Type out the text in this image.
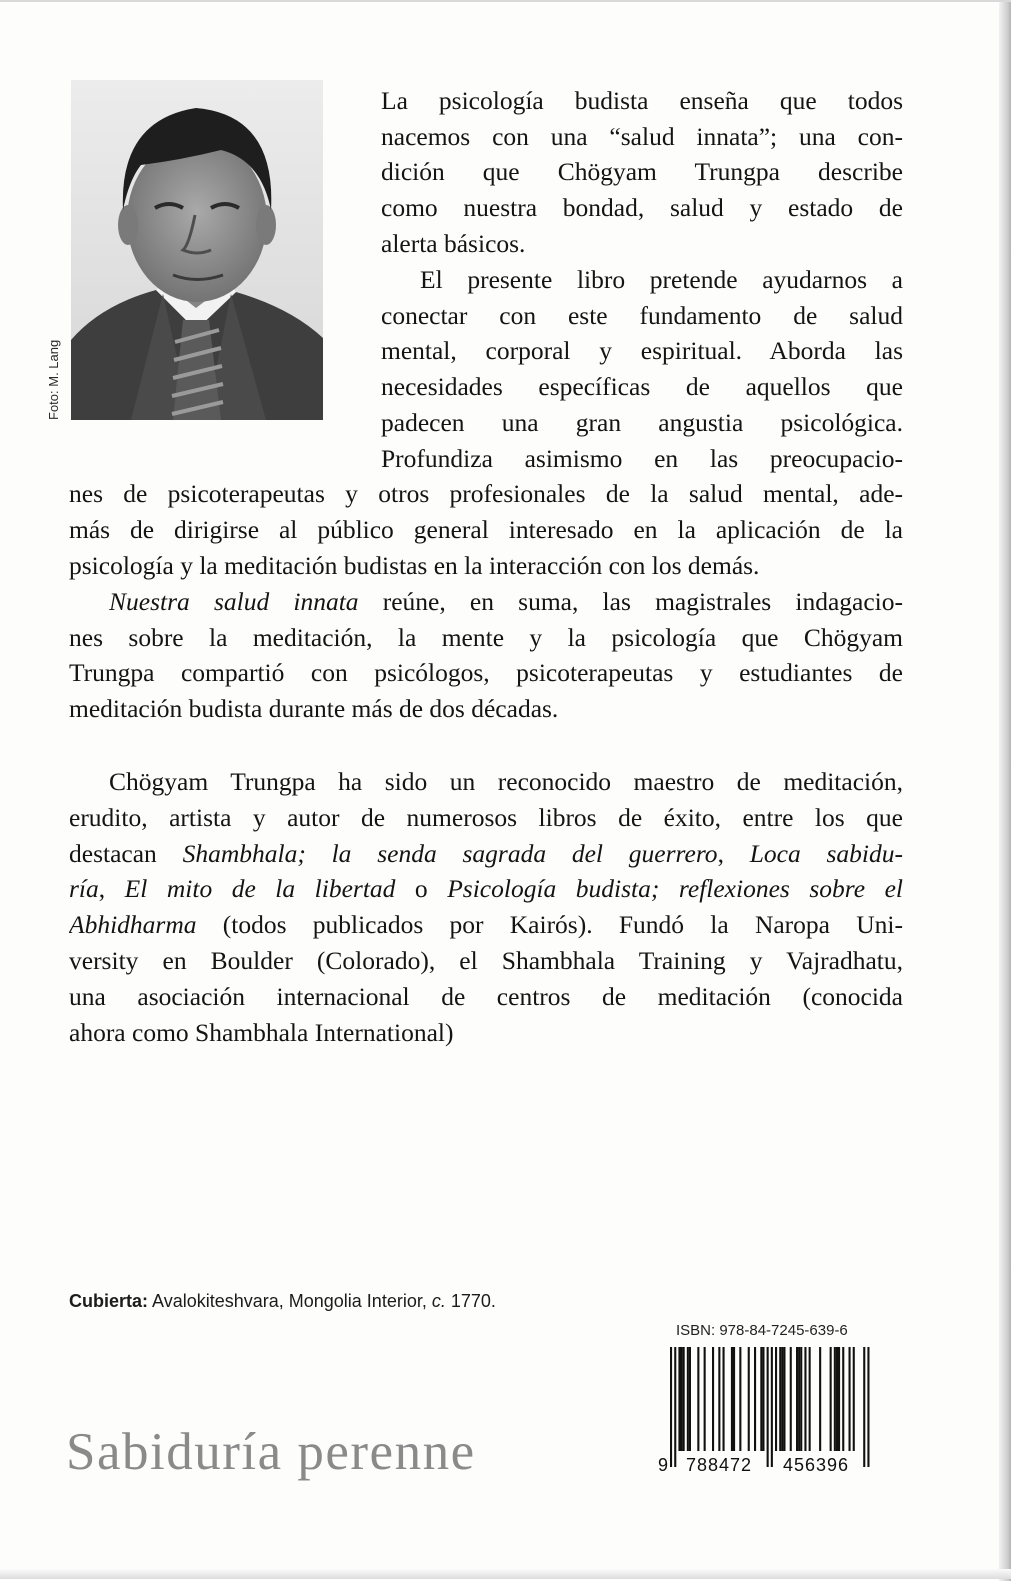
Foto: M. Lang

La psicología budista enseña que todos

nacemos con una “salud innata”; una con-

dición que Chögyam Trungpa describe

como nuestra bondad, salud y estado de

alerta básicos.

El presente libro pretende ayudarnos a

conectar con este fundamento de salud

mental, corporal y espiritual. Aborda las

necesidades específicas de aquellos que

padecen una gran angustia psicológica.

Profundiza asimismo en las preocupacio-

nes de psicoterapeutas y otros profesionales de la salud mental, ade-

más de dirigirse al público general interesado en la aplicación de la

psicología y la meditación budistas en la interacción con los demás.

Nuestra salud innata reúne, en suma, las magistrales indagacio-

nes sobre la meditación, la mente y la psicología que Chögyam

Trungpa compartió con psicólogos, psicoterapeutas y estudiantes de

meditación budista durante más de dos décadas.

Chögyam Trungpa ha sido un reconocido maestro de meditación,

erudito, artista y autor de numerosos libros de éxito, entre los que

destacan Shambhala; la senda sagrada del guerrero, Loca sabidu-

ría, El mito de la libertad o Psicología budista; reflexiones sobre el

Abhidharma (todos publicados por Kairós). Fundó la Naropa Uni-

versity en Boulder (Colorado), el Shambhala Training y Vajradhatu,

una asociación internacional de centros de meditación (conocida

ahora como Shambhala International)

Cubierta: Avalokiteshvara, Mongolia Interior, c. 1770.
ISBN: 978-84-7245-639-6
9 788472 456396
Sabiduría perenne
